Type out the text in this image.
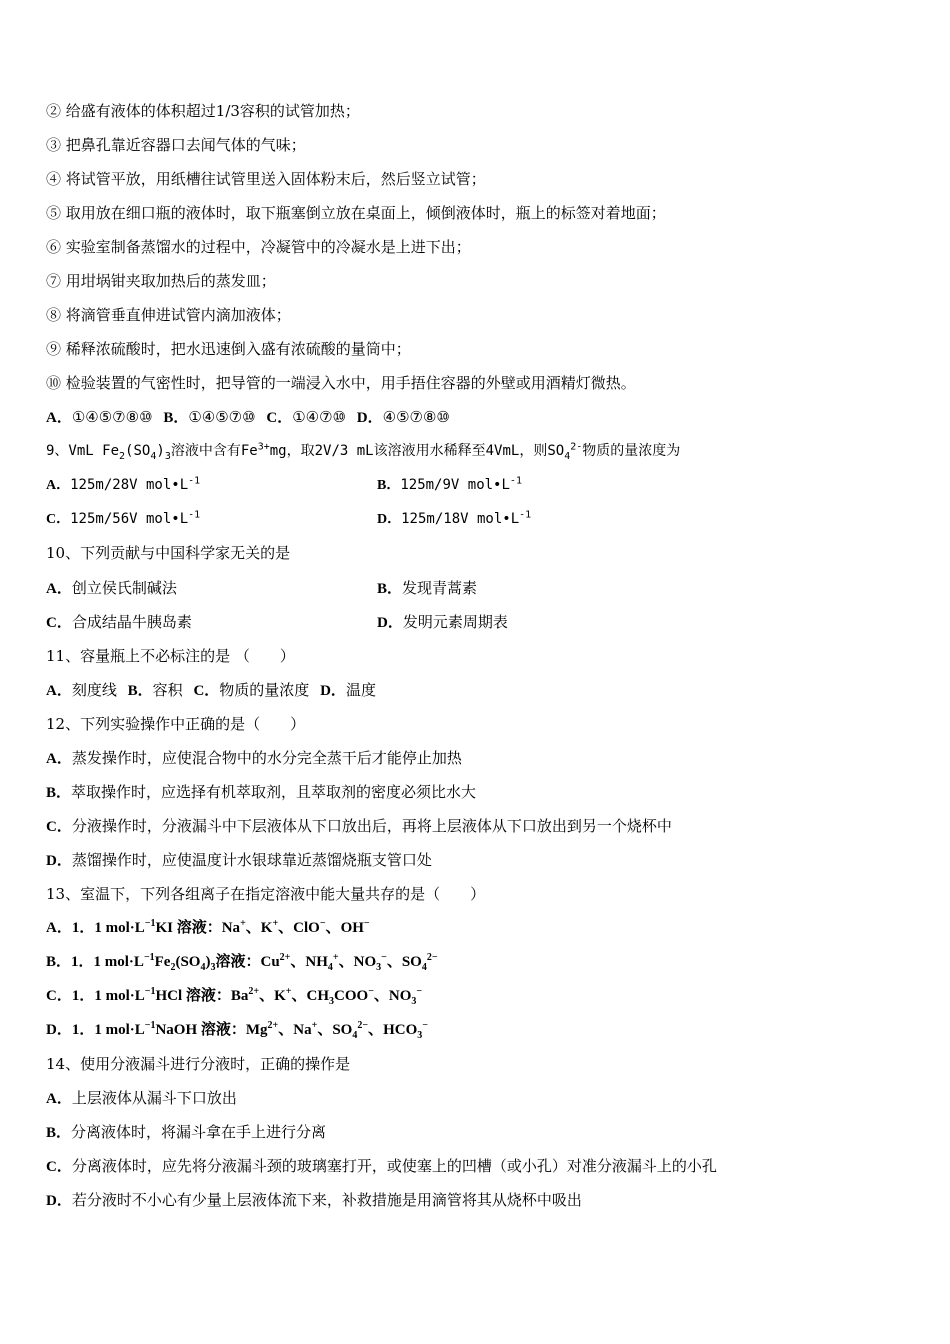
② 给盛有液体的体积超过1/3容积的试管加热；
③ 把鼻孔靠近容器口去闻气体的气味；
④ 将试管平放，用纸槽往试管里送入固体粉末后，然后竖立试管；
⑤ 取用放在细口瓶的液体时，取下瓶塞倒立放在桌面上，倾倒液体时，瓶上的标签对着地面；
⑥ 实验室制备蒸馏水的过程中，冷凝管中的冷凝水是上进下出；
⑦ 用坩埚钳夹取加热后的蒸发皿；
⑧ 将滴管垂直伸进试管内滴加液体；
⑨ 稀释浓硫酸时，把水迅速倒入盛有浓硫酸的量筒中；
⑩ 检验装置的气密性时，把导管的一端浸入水中，用手捂住容器的外壁或用酒精灯微热。
A．①④⑤⑦⑧⑩ B．①④⑤⑦⑩ C．①④⑦⑩ D．④⑤⑦⑧⑩
9、VmL $Fe_2(SO_4)_3$溶液中含有$Fe^{3+}mg$，取2V/3 mL该溶液用水稀释至4VmL，则$SO_4^{2-}$物质的量浓度为
A．125m/28V $mol•L^{-1}$	B．125m/9V $mol•L^{-1}$
C．125m/56V $mol•L^{-1}$	D．125m/18V $mol•L^{-1}$
10、下列贡献与中国科学家无关的是
A．创立侯氏制碱法	B．发现青蒿素
C．合成结晶牛胰岛素	D．发明元素周期表
11、容量瓶上不必标注的是 （　　）
A．刻度线 B．容积 C．物质的量浓度 D．温度
12、下列实验操作中正确的是（　　）
A．蒸发操作时，应使混合物中的水分完全蒸干后才能停止加热
B．萃取操作时，应选择有机萃取剂，且萃取剂的密度必须比水大
C．分液操作时，分液漏斗中下层液体从下口放出后，再将上层液体从下口放出到另一个烧杯中
D．蒸馏操作时，应使温度计水银球靠近蒸馏烧瓶支管口处
13、室温下，下列各组离子在指定溶液中能大量共存的是（　　）
A．1．1 $mol\cdot L^{-1}KI$ 溶液：Na+、K+、ClO−、OH−
B．1．1 $mol\cdot L^{-1}Fe_2(SO_4)_3$溶液：$Cu^{2+}$、$NH_4^+$、$NO_3^-$、$SO_4^{2-}$
C．1．1 $mol\cdot L^{-1}HCl$ 溶液：$Ba^{2+}$、K+、$CH_3COO^-$、$NO_3^-$
D．1．1 $mol\cdot L^{-1}NaOH$ 溶液：$Mg^{2+}$、Na+、$SO_4^{2-}$、$HCO_3^-$
14、使用分液漏斗进行分液时，正确的操作是
A．上层液体从漏斗下口放出
B．分离液体时，将漏斗拿在手上进行分离
C．分离液体时，应先将分液漏斗颈的玻璃塞打开，或使塞上的凹槽（或小孔）对准分液漏斗上的小孔
D．若分液时不小心有少量上层液体流下来，补救措施是用滴管将其从烧杯中吸出
